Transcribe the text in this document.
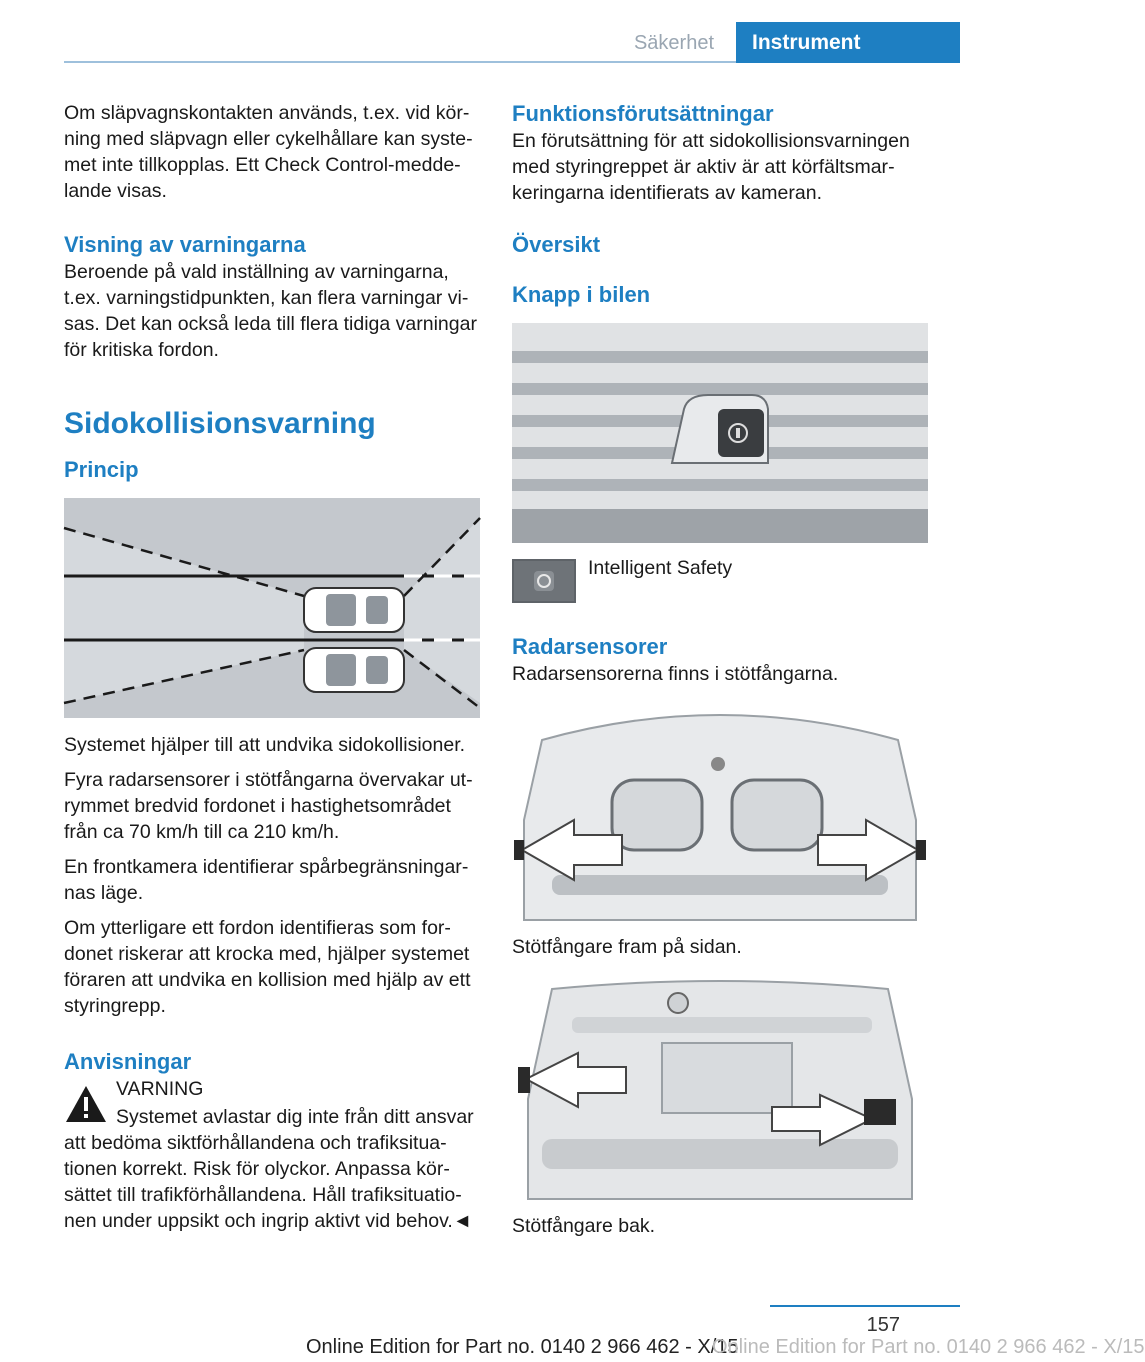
Säkerhet	Instrument

Om släpvagnskontakten används, t.ex. vid körning med släpvagn eller cykelhållare kan systemet inte tillkopplas. Ett Check Control-meddelande visas.

Visning av varningarna

Beroende på vald inställning av varningarna, t.ex. varningstidpunkten, kan flera varningar visas. Det kan också leda till flera tidiga varningar för kritiska fordon.

Sidokollisionsvarning
Princip

Systemet hjälper till att undvika sidokollisioner.

Fyra radarsensorer i stötfångarna övervakar utrymmet bredvid fordonet i hastighetsområdet från ca 70 km/h till ca 210 km/h.

En frontkamera identifierar spårbegränsningarnas läge.

Om ytterligare ett fordon identifieras som fordonet riskerar att krocka med, hjälper systemet föraren att undvika en kollision med hjälp av ett styringrepp.

Anvisningar

VARNING

Systemet avlastar dig inte från ditt ansvar att bedöma siktförhållandena och trafiksituationen korrekt. Risk för olyckor. Anpassa körsättet till trafikförhållandena. Håll trafiksituationen under uppsikt och ingrip aktivt vid behov.◄

Funktionsförutsättningar

En förutsättning för att sidokollisionsvarningen med styringreppet är aktiv är att körfältsmarkeringarna identifierats av kameran.

Översikt
Knapp i bilen
Intelligent Safety
Radarsensorer

Radarsensorerna finns i stötfångarna.

Stötfångare fram på sidan.

Stötfångare bak.

157
Online Edition for Part no. 0140 2 966 462 - X/15
Online Edition for Part no. 0140 2 966 462 - X/15
